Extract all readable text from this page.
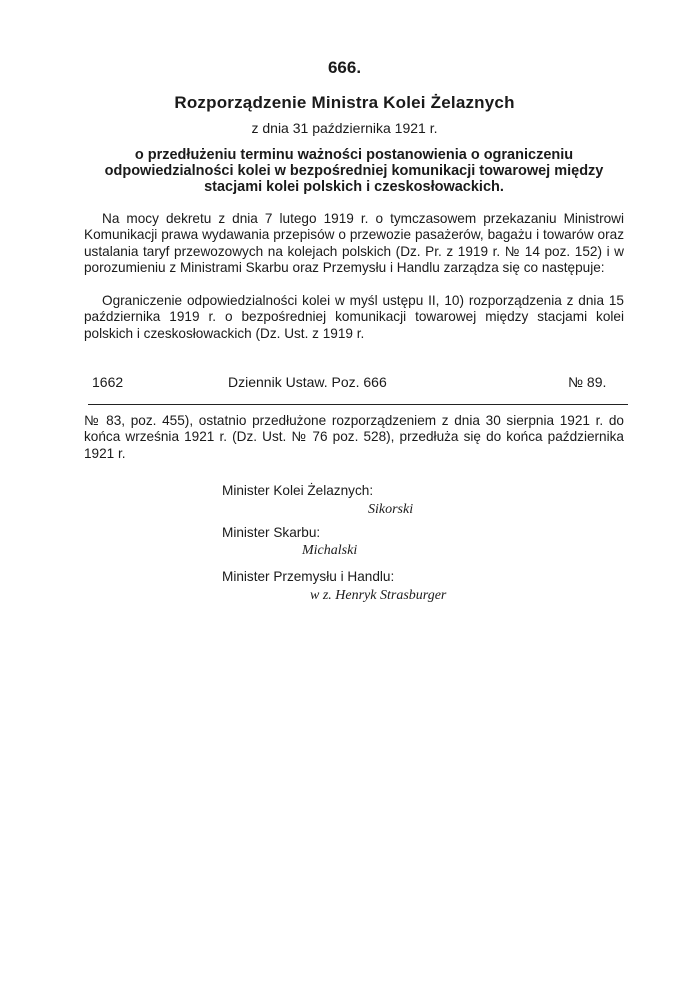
666.
Rozporządzenie Ministra Kolei Żelaznych
z dnia 31 października 1921 r.
o przedłużeniu terminu ważności postanowienia o ograniczeniu odpowiedzialności kolei w bezpośredniej komunikacji towarowej między stacjami kolei polskich i czeskosłowackich.
Na mocy dekretu z dnia 7 lutego 1919 r. o tymczasowem przekazaniu Ministrowi Komunikacji prawa wydawania przepisów o przewozie pasażerów, bagażu i towarów oraz ustalania taryf przewozowych na kolejach polskich (Dz. Pr. z 1919 r. № 14 poz. 152) i w porozumieniu z Ministrami Skarbu oraz Przemysłu i Handlu zarządza się co następuje:
Ograniczenie odpowiedzialności kolei w myśl ustępu II, 10) rozporządzenia z dnia 15 października 1919 r. o bezpośredniej komunikacji towarowej między stacjami kolei polskich i czeskosłowackich (Dz. Ust. z 1919 r.
1662	Dziennik Ustaw. Poz. 666	№ 89.
№ 83, poz. 455), ostatnio przedłużone rozporządzeniem z dnia 30 sierpnia 1921 r. do końca września 1921 r. (Dz. Ust. № 76 poz. 528), przedłuża się do końca października 1921 r.
Minister Kolei Żelaznych:
Sikorski
Minister Skarbu:
Michalski
Minister Przemysłu i Handlu:
w z. Henryk Strasburger
